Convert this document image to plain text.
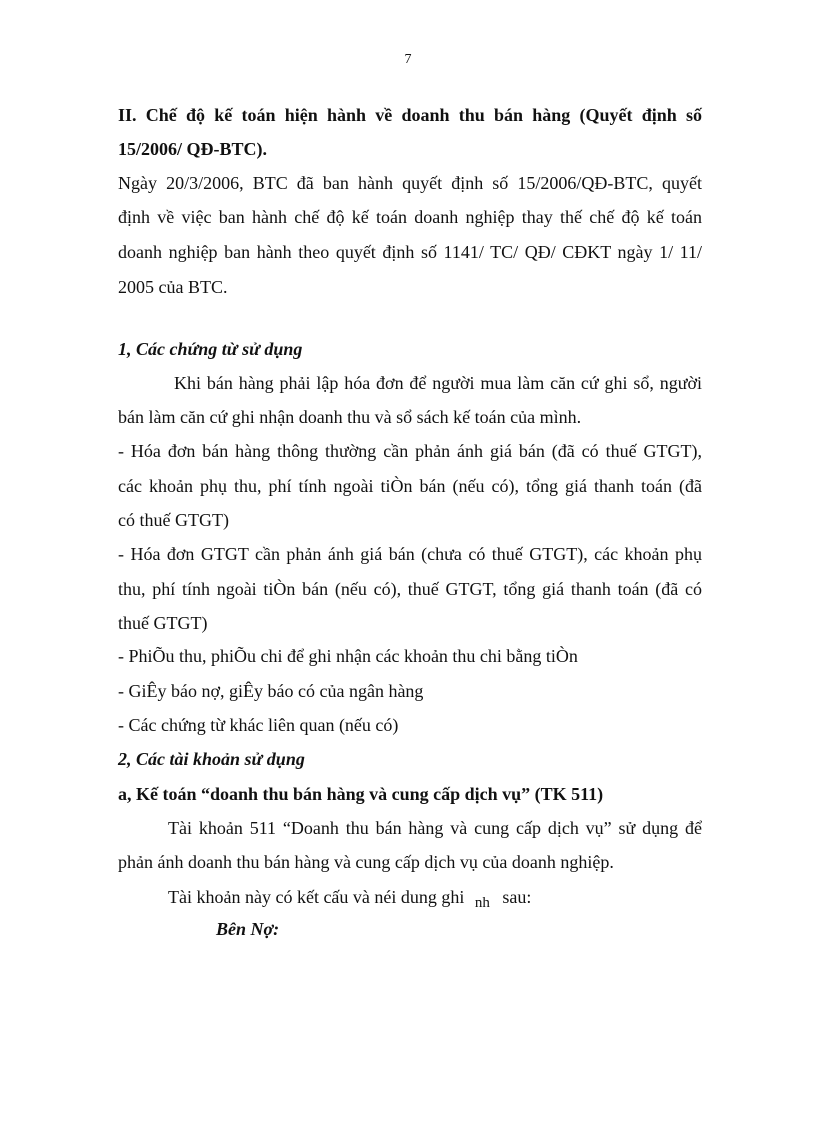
7
II. Chế độ kế toán hiện hành về doanh thu bán hàng (Quyết định số
15/2006/ QĐ-BTC).
Ngày 20/3/2006, BTC đã ban hành quyết định số 15/2006/QĐ-BTC, quyết
định về việc ban hành chế độ kế toán doanh nghiệp thay thế chế độ kế toán
doanh nghiệp ban hành theo quyết định số 1141/ TC/ QĐ/ CĐKT ngày 1/ 11/
2005 của BTC.
1, Các chứng từ sử dụng
Khi bán hàng phải lập hóa đơn để người mua làm căn cứ ghi sổ, người
bán làm căn cứ ghi nhận doanh thu và sổ sách kế toán của mình.
- Hóa đơn bán hàng thông thường cần phản ánh giá bán (đã có thuế GTGT),
các khoản phụ thu, phí tính ngoài tiÒn bán (nếu có), tổng giá thanh toán (đã
có thuế GTGT)
- Hóa đơn GTGT cần phản ánh giá bán (chưa có thuế GTGT), các khoản phụ
thu, phí tính ngoài tiÒn bán (nếu có), thuế GTGT, tổng giá thanh toán (đã có
thuế GTGT)
- PhiÕu thu, phiÕu chi để ghi nhận các khoản thu chi bằng tiÒn
- GiÊy báo nợ, giÊy báo có của ngân hàng
- Các chứng từ khác liên quan (nếu có)
2, Các tài khoản sử dụng
a, Kế toán “doanh thu bán hàng và cung cấp dịch vụ” (TK 511)
Tài khoản 511 “Doanh thu bán hàng và cung cấp dịch vụ” sử dụng để
phản ánh doanh thu bán hàng và cung cấp dịch vụ của doanh nghiệp.
Tài khoản này có kết cấu và néi dung ghi $_{nh}$ sau:
Bên Nợ:
